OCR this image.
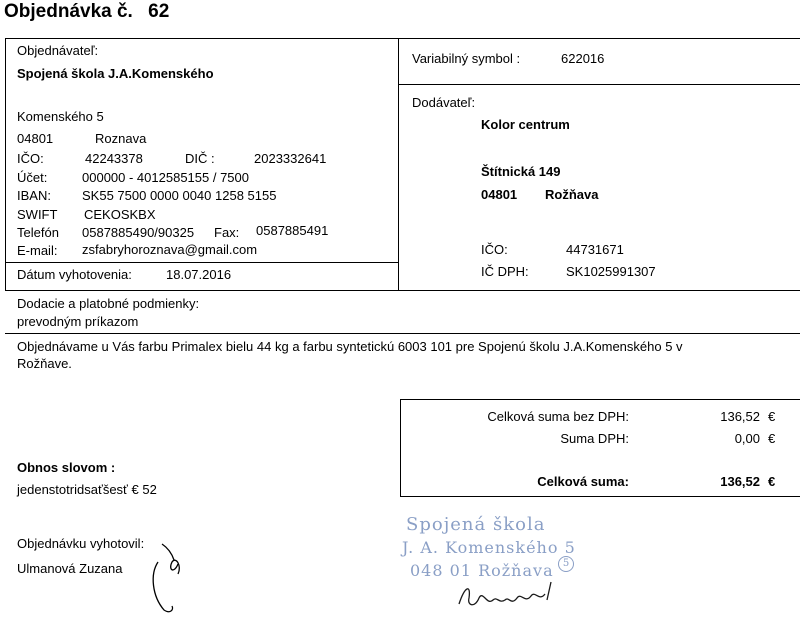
Objednávka č. 62
Objednávateľ:
Spojená škola J.A.Komenského
Komenského 5
04801	Roznava
IČO:	42243378	DIČ :	2023332641
Účet:	000000 - 4012585155 / 7500
IBAN: SK55 7500 0000 0040 1258 5155
SWIFT CEKOSKBX
Telefón 0587885490/90325 Fax: 0587885491
E-mail: zsfabryhoroznava@gmail.com
Dátum vyhotovenia:	18.07.2016
Variabilný symbol :	622016
Dodávateľ:
Kolor centrum
Štítnická 149
04801 Rožňava
IČO:	44731671
IČ DPH:	SK1025991307
Dodacie a platobné podmienky:
prevodným príkazom
Objednávame u Vás farbu Primalex bielu 44 kg a farbu syntetickú 6003 101 pre Spojenú školu J.A.Komenského 5 v
Rožňave.
Celková suma bez DPH:	136,52 €
Suma DPH:	0,00 €
Celková suma:	136,52 €
Obnos slovom :
jedenstotridsaťšesť € 52
Objednávku vyhotovil:
Ulmanová Zuzana
Spojená škola
J. A. Komenského 5
048 01 Rožňava 5
